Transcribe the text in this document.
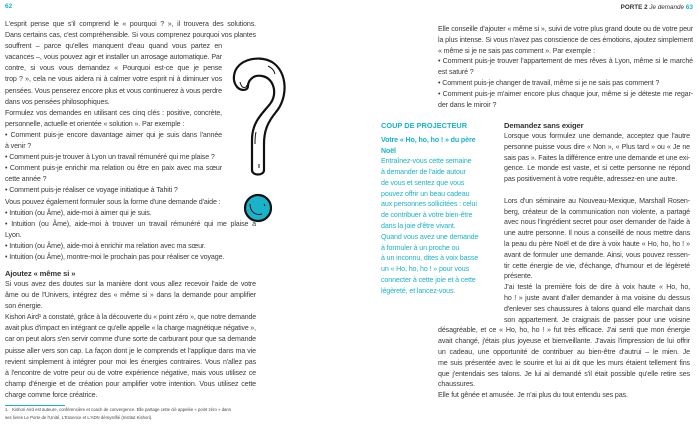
62
L'esprit pense que s'il comprend le « pourquoi ? », il trouvera des solutions.
Dans certains cas, c'est compréhensible. Si vous comprenez pourquoi vos plantes
souffrent – parce qu'elles manquent d'eau quand vous partez en
vacances –, vous pouvez agir et installer un arrosage automatique. Par
contre, si vous vous demandez « Pourquoi est-ce que je pense
trop ? », cela ne vous aidera ni à calmer votre esprit ni à diminuer vos
pensées. Vous penserez encore plus et vous continuerez à vous perdre
dans vos pensées philosophiques.
Formulez vos demandes en utilisant ces cinq clés : positive, concrète,
personnelle, actuelle et orientée « solution ». Par exemple :
• Comment puis-je encore davantage aimer qui je suis dans l'année
à venir ?
• Comment puis-je trouver à Lyon un travail rémunéré qui me plaise ?
• Comment puis-je enrichir ma relation ou être en paix avec ma sœur
cette année ?
• Comment puis-je réaliser ce voyage initiatique à Tahiti ?
Vous pouvez également formuler sous la forme d'une demande d'aide :
• Intuition (ou Âme), aide-moi à aimer qui je suis.
• Intuition (ou Âme), aide-moi à trouver un travail rémunéré qui me plaise à
Lyon.
• Intuition (ou Âme), aide-moi à enrichir ma relation avec ma sœur.
• Intuition (ou Âme), montre-moi le prochain pas pour réaliser ce voyage.
Ajoutez « même si »
Si vous avez des doutes sur la manière dont vous allez recevoir l'aide de votre
âme ou de l'Univers, intégrez des « même si » dans la demande pour amplifier
son énergie.
Kishori Aird¹ a constaté, grâce à la découverte du « point zéro », que notre demande
avait plus d'impact en intégrant ce qu'elle appelle « la charge magnétique négative »,
car on peut alors s'en servir comme d'une sorte de carburant pour que sa demande
puisse aller vers son cap. La façon dont je le comprends et l'applique dans ma vie
revient simplement à intégrer pour moi les énergies contraires. Vous n'allez pas
à l'encontre de votre peur ou de votre expérience négative, mais vous utilisez ce
champ d'énergie et de création pour amplifier votre intention. Vous utilisez cette
charge comme force créatrice.
1.   Kishori Aird est auteure, conférencière et coach de convergence. Elle partage cette clé appelée « point zéro » dans
ses livres Le Porte de l'Unité, L'Essence et L'ADN démystifié (Institut Kishori).
PORTE 2 Je demande 63
Elle conseille d'ajouter « même si », suivi de votre plus grand doute ou de votre peur
la plus intense. Si vous n'avez pas conscience de ces émotions, ajoutez simplement
« même si je ne sais pas comment ». Par exemple :
• Comment puis-je trouver l'appartement de mes rêves à Lyon, même si le marché
est saturé ?
• Comment puis-je changer de travail, même si je ne sais pas comment ?
• Comment puis-je m'aimer encore plus chaque jour, même si je déteste me regar-
der dans le miroir ?
COUP DE PROJECTEUR
Votre « Ho, ho, ho ! » du père
Noël
Entraînez-vous cette semaine
à demander de l'aide autour
de vous et sentez que vous
pouvez offrir un beau cadeau
aux personnes sollicitées : celui
de contribuer à votre bien-être
dans la joie d'être vivant.
Quand vous avez une demande
à formuler à un proche ou
à un inconnu, dites à voix basse
un « Ho, ho, ho ! » pour vous
connecter à cette joie et à cette
légèreté, et lancez-vous.
Demandez sans exiger
Lorsque vous formulez une demande, acceptez que l'autre
personne puisse vous dire « Non », « Plus tard » ou « Je ne
sais pas ». Faites la différence entre une demande et une exi-
gence. Le monde est vaste, et si cette personne ne répond
pas positivement à votre requête, adressez-en une autre.
Lors d'un séminaire au Nouveau-Mexique, Marshall Rosen-
berg, créateur de la communication non violente, a partagé
avec nous l'ingrédient secret pour oser demander de l'aide à
une autre personne. Il nous a conseillé de nous mettre dans
la peau du père Noël et de dire à voix haute « Ho, ho, ho ! »
avant de formuler une demande. Ainsi, vous pouvez ressen-
tir cette énergie de vie, d'échange, d'humour et de légèreté
présente.
J'ai testé la première fois de dire à voix haute « Ho, ho,
ho ! » juste avant d'aller demander à ma voisine du dessus
d'enlever ses chaussures à talons quand elle marchait dans
son appartement. Je craignais de passer pour une voisine
désagréable, et ce « Ho, ho, ho ! » fut très efficace. J'ai senti que mon énergie
avait changé, j'étais plus joyeuse et bienveillante. J'avais l'impression de lui offrir
un cadeau, une opportunité de contribuer au bien-être d'autrui – le mien. Je
me suis présentée avec le sourire et lui ai dit que les murs étaient tellement fins
que j'entendais ses talons. Je lui ai demandé s'il était possible qu'elle retire ses
chaussures.
Elle fut gênée et amusée. Je n'ai plus du tout entendu ses pas.
